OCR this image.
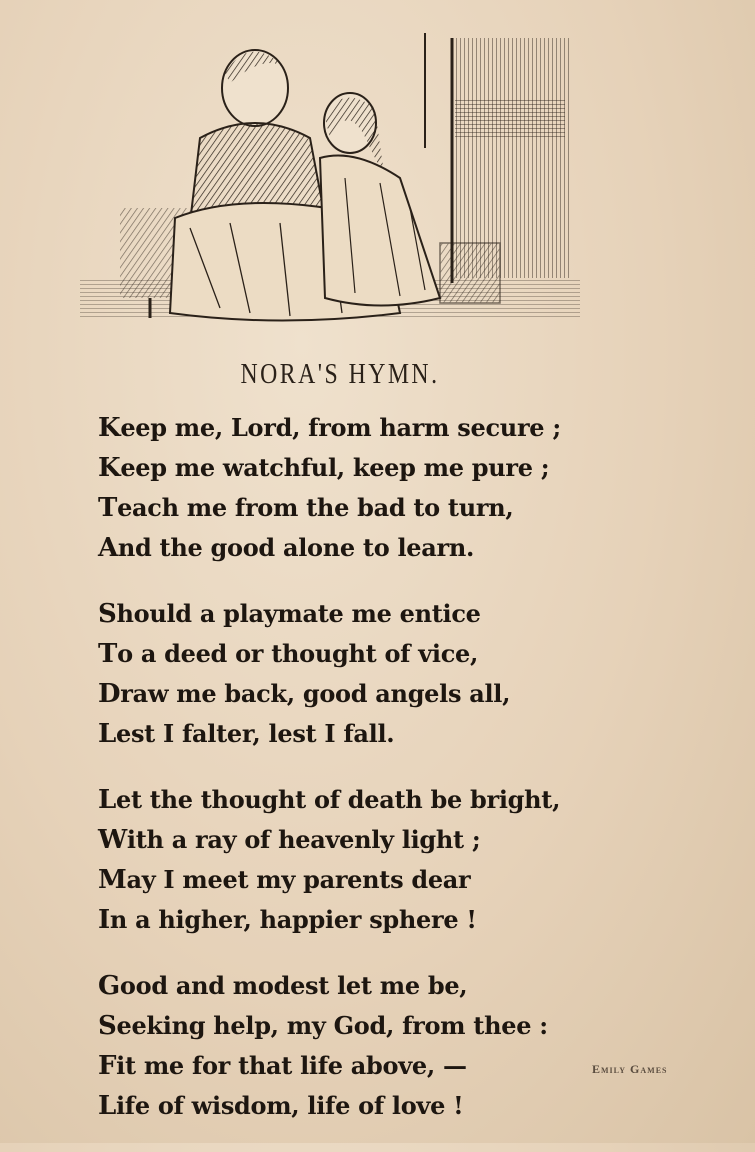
NORA'S HYMN.
Keep me, Lord, from harm secure ;
Keep me watchful, keep me pure ;
Teach me from the bad to turn,
And the good alone to learn.
Should a playmate me entice
To a deed or thought of vice,
Draw me back, good angels all,
Lest I falter, lest I fall.
Let the thought of death be bright,
With a ray of heavenly light ;
May I meet my parents dear
In a higher, happier sphere !
Good and modest let me be,
Seeking help, my God, from thee :
Fit me for that life above, —
Life of wisdom, life of love !
Emily Games
